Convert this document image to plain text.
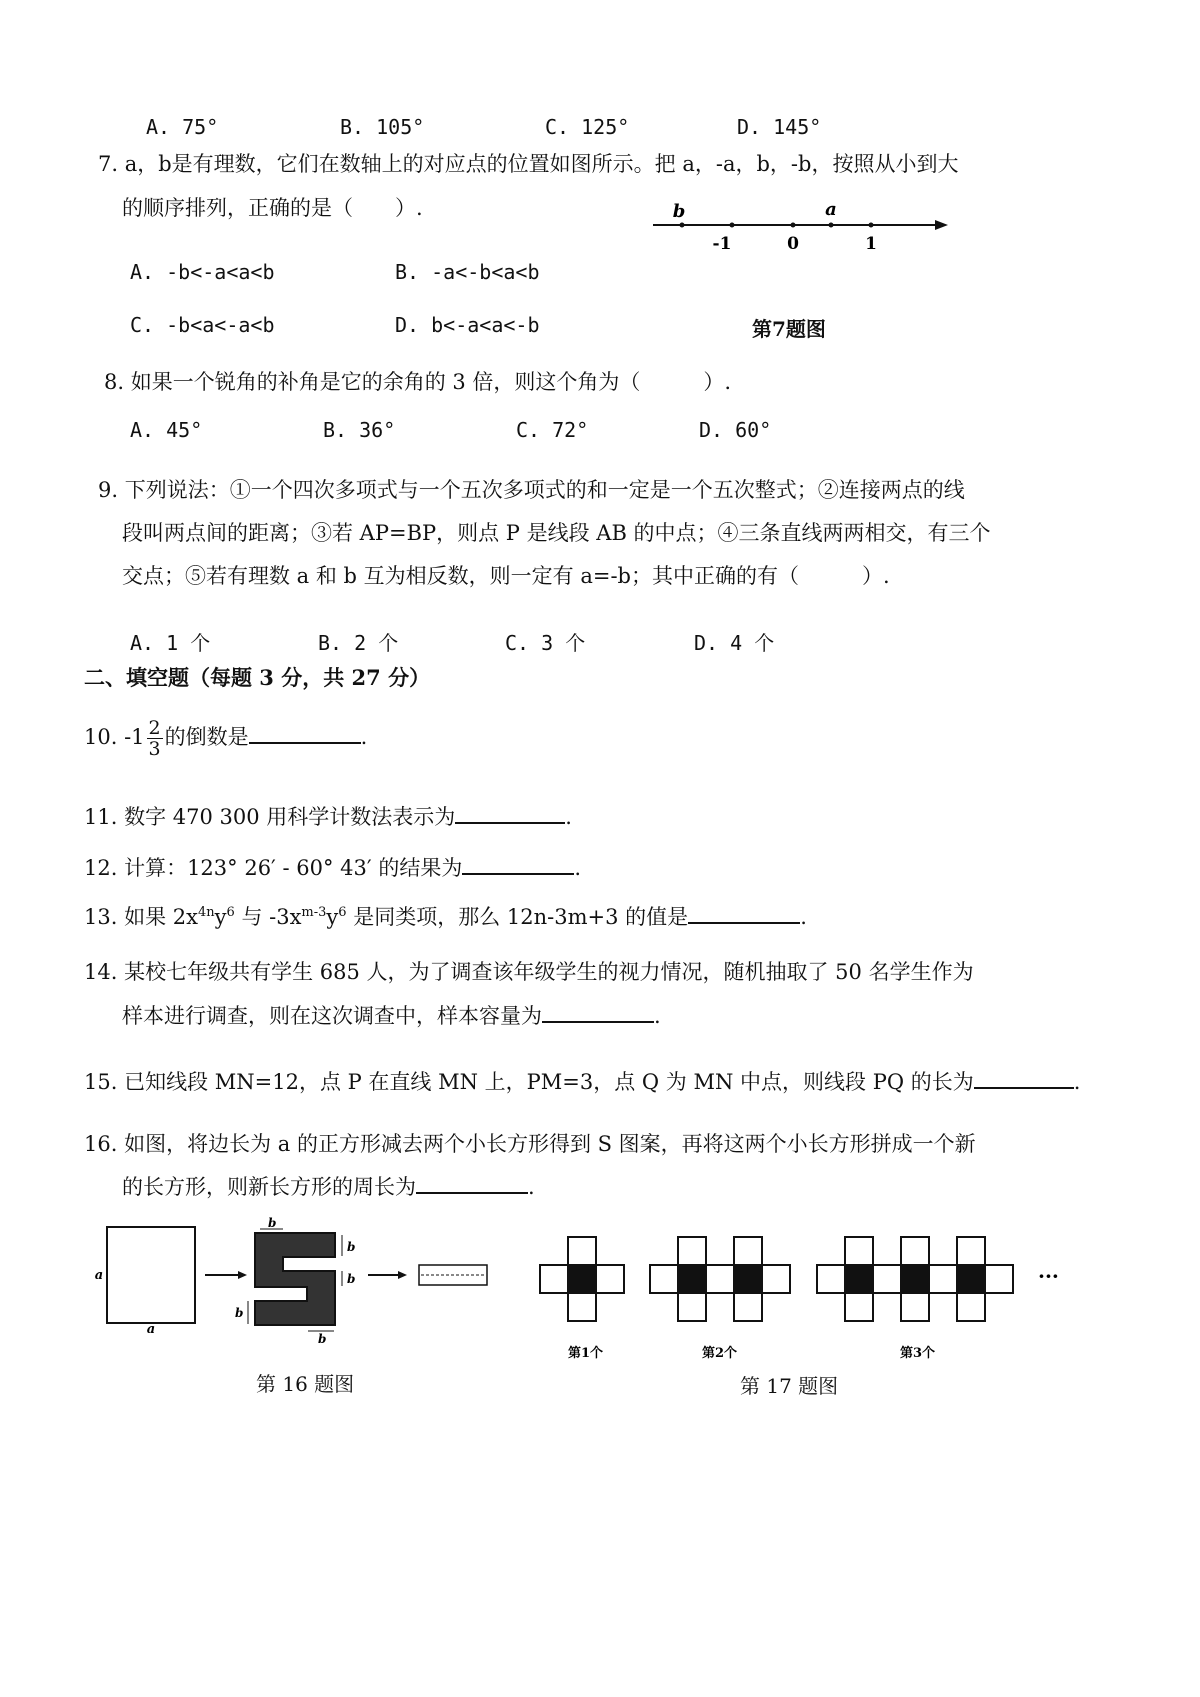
A. 75°	B. 105°	C. 125°	D. 145°
7. a，b是有理数，它们在数轴上的对应点的位置如图所示。把 a，-a，b，-b，按照从小到大
的顺序排列，正确的是（　　）.	b	a
-1	0	1
A. -b<-a<a<b	B. -a<-b<a<b
C. -b<a<-a<b	D. b<-a<a<-b	第7题图
8. 如果一个锐角的补角是它的余角的 3 倍，则这个角为（　　　）.
A. 45°	B. 36°	C. 72°	D. 60°
9. 下列说法：①一个四次多项式与一个五次多项式的和一定是一个五次整式；②连接两点的线
段叫两点间的距离；③若 AP=BP，则点 P 是线段 AB 的中点；④三条直线两两相交，有三个
交点；⑤若有理数 a 和 b 互为相反数，则一定有 a=-b；其中正确的有（　　　）.
A. 1 个	B. 2 个	C. 3 个	D. 4 个
二、填空题（每题 3 分，共 27 分）
10. $-1 \frac{2}{3}$ 的倒数是	.
11. 数字 470 300 用科学计数法表示为	.
12. 计算：123° 26′ - 60° 43′ 的结果为	.
13. 如果 $2x^{4n}y^6$ 与 $-3x^{m-3}y^6$ 是同类项，那么 12n-3m+3 的值是	.
14. 某校七年级共有学生 685 人，为了调查该年级学生的视力情况，随机抽取了 50 名学生作为
样本进行调查，则在这次调查中，样本容量为	.
15. 已知线段 MN=12，点 P 在直线 MN 上，PM=3，点 Q 为 MN 中点，则线段 PQ 的长为	.
16. 如图，将边长为 a 的正方形减去两个小长方形得到 S 图案，再将这两个小长方形拼成一个新
的长方形，则新长方形的周长为	.
a
a
b
b
b
b
b
第 16 题图
第1个	第2个	第3个
···
第 17 题图
